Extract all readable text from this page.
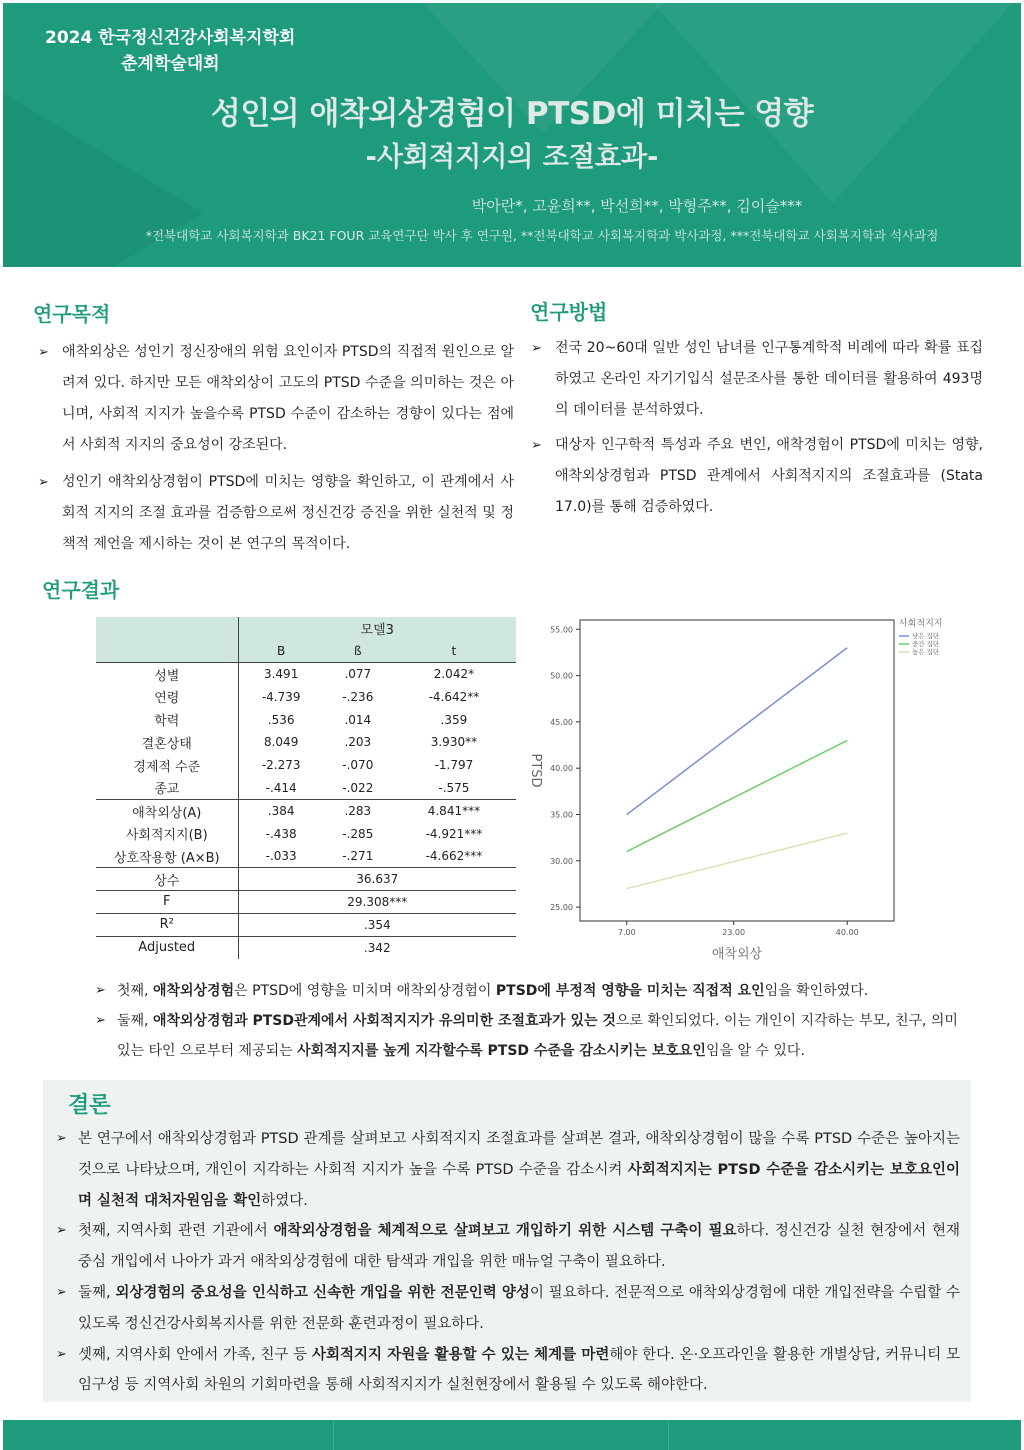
2024 한국정신건강사회복지학회
춘계학술대회
성인의 애착외상경험이 PTSD에 미치는 영향
-사회적지지의 조절효과-
박아란*, 고윤희**, 박선희**, 박형주**, 김이슬***
*전북대학교 사회복지학과 BK21 FOUR 교육연구단 박사 후 연구원, **전북대학교 사회복지학과 박사과정, ***전북대학교 사회복지학과 석사과정
연구목적
➢ 애착외상은 성인기 정신장애의 위험 요인이자 PTSD의 직접적 원인으로 알려져 있다. 하지만 모든 애착외상이 고도의 PTSD 수준을 의미하는 것은 아니며, 사회적 지지가 높을수록 PTSD 수준이 감소하는 경향이 있다는 점에서 사회적 지지의 중요성이 강조된다.
➢ 성인기 애착외상경험이 PTSD에 미치는 영향을 확인하고, 이 관계에서 사회적 지지의 조절 효과를 검증함으로써 정신건강 증진을 위한 실천적 및 정책적 제언을 제시하는 것이 본 연구의 목적이다.
연구방법
➢ 전국 20~60대 일반 성인 남녀를 인구통계학적 비례에 따라 확률 표집하였고 온라인 자기기입식 설문조사를 통한 데이터를 활용하여 493명의 데이터를 분석하였다.
➢ 대상자 인구학적 특성과 주요 변인, 애착경험이 PTSD에 미치는 영향, 애착외상경험과 PTSD 관계에서 사회적지지의 조절효과를 (Stata 17.0)를 통해 검증하였다.
연구결과
	모델3		
	B	ß	t
성별	3.491	.077	2.042*
연령	-4.739	-.236	-4.642**
학력	.536	.014	.359
결혼상태	8.049	.203	3.930**
경제적 수준	-2.273	-.070	-1.797
종교	-.414	-.022	-.575
애착외상(A)	.384	.283	4.841***
사회적지지(B)	-.438	-.285	-4.921***
상호작용항 (A×B)	-.033	-.271	-4.662***
상수	36.637		
F	29.308***		
R²	.354		
Adjusted	.342		
25.00
30.00
35.00
40.00
45.00
50.00
55.00
7.00	23.00	40.00
애착외상
PTSD
사회적지지
낮은 집단
중간 집단
높은 집단
➢ 첫째, 애착외상경험은 PTSD에 영향을 미치며 애착외상경험이 PTSD에 부정적 영향을 미치는 직접적 요인임을 확인하였다.
➢ 둘째, 애착외상경험과 PTSD관계에서 사회적지지가 유의미한 조절효과가 있는 것으로 확인되었다. 이는 개인이 지각하는 부모, 친구, 의미 있는 타인 으로부터 제공되는 사회적지지를 높게 지각할수록 PTSD 수준을 감소시키는 보호요인임을 알 수 있다.
결론
➢ 본 연구에서 애착외상경험과 PTSD 관계를 살펴보고 사회적지지 조절효과를 살펴본 결과, 애착외상경험이 많을 수록 PTSD 수준은 높아지는 것으로 나타났으며, 개인이 지각하는 사회적 지지가 높을 수록 PTSD 수준을 감소시켜 사회적지지는 PTSD 수준을 감소시키는 보호요인이며 실천적 대처자원임을 확인하였다.
➢ 첫째, 지역사회 관련 기관에서 애착외상경험을 체계적으로 살펴보고 개입하기 위한 시스템 구축이 필요하다. 정신건강 실천 현장에서 현재 중심 개입에서 나아가 과거 애착외상경험에 대한 탐색과 개입을 위한 매뉴얼 구축이 필요하다.
➢ 둘째, 외상경험의 중요성을 인식하고 신속한 개입을 위한 전문인력 양성이 필요하다. 전문적으로 애착외상경험에 대한 개입전략을 수립할 수 있도록 정신건강사회복지사를 위한 전문화 훈련과정이 필요하다.
➢ 셋째, 지역사회 안에서 가족, 친구 등 사회적지지 자원을 활용할 수 있는 체계를 마련해야 한다. 온·오프라인을 활용한 개별상담, 커뮤니티 모임구성 등 지역사회 차원의 기회마련을 통해 사회적지지가 실천현장에서 활용될 수 있도록 해야한다.
